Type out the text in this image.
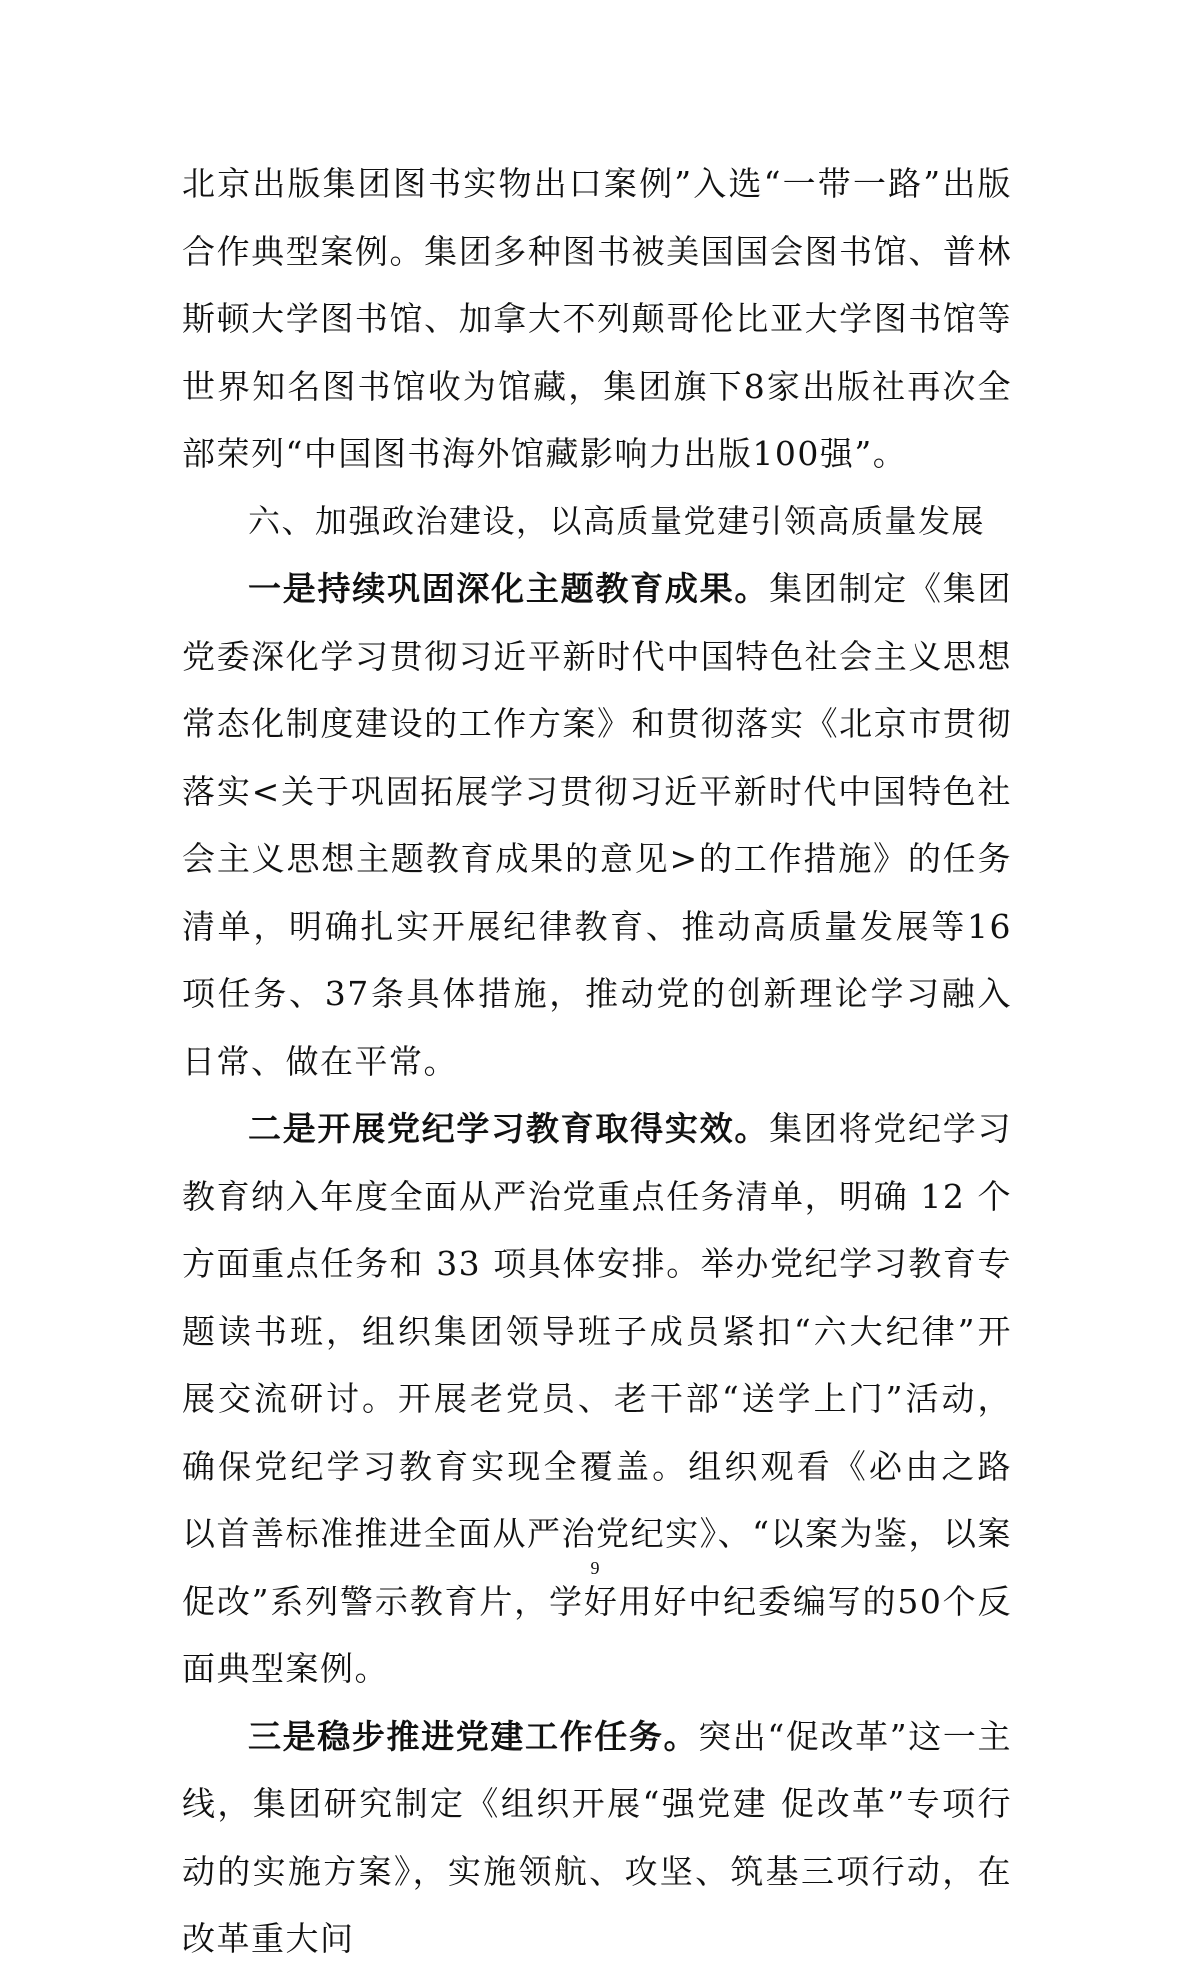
北京出版集团图书实物出口案例”入选“一带一路”出版合作典型案例。集团多种图书被美国国会图书馆、普林斯顿大学图书馆、加拿大不列颠哥伦比亚大学图书馆等世界知名图书馆收为馆藏，集团旗下8家出版社再次全部荣列“中国图书海外馆藏影响力出版100强”。

六、加强政治建设，以高质量党建引领高质量发展

一是持续巩固深化主题教育成果。集团制定《集团党委深化学习贯彻习近平新时代中国特色社会主义思想常态化制度建设的工作方案》和贯彻落实《北京市贯彻落实<关于巩固拓展学习贯彻习近平新时代中国特色社会主义思想主题教育成果的意见>的工作措施》的任务清单，明确扎实开展纪律教育、推动高质量发展等16项任务、37条具体措施，推动党的创新理论学习融入日常、做在平常。

二是开展党纪学习教育取得实效。集团将党纪学习教育纳入年度全面从严治党重点任务清单，明确 12 个方面重点任务和 33 项具体安排。举办党纪学习教育专题读书班，组织集团领导班子成员紧扣“六大纪律”开展交流研讨。开展老党员、老干部“送学上门”活动，确保党纪学习教育实现全覆盖。组织观看《必由之路 以首善标准推进全面从严治党纪实》、“以案为鉴，以案促改”系列警示教育片，学好用好中纪委编写的50个反面典型案例。

三是稳步推进党建工作任务。突出“促改革”这一主线，集团研究制定《组织开展“强党建 促改革”专项行动的实施方案》，实施领航、攻坚、筑基三项行动，在改革重大问

9
